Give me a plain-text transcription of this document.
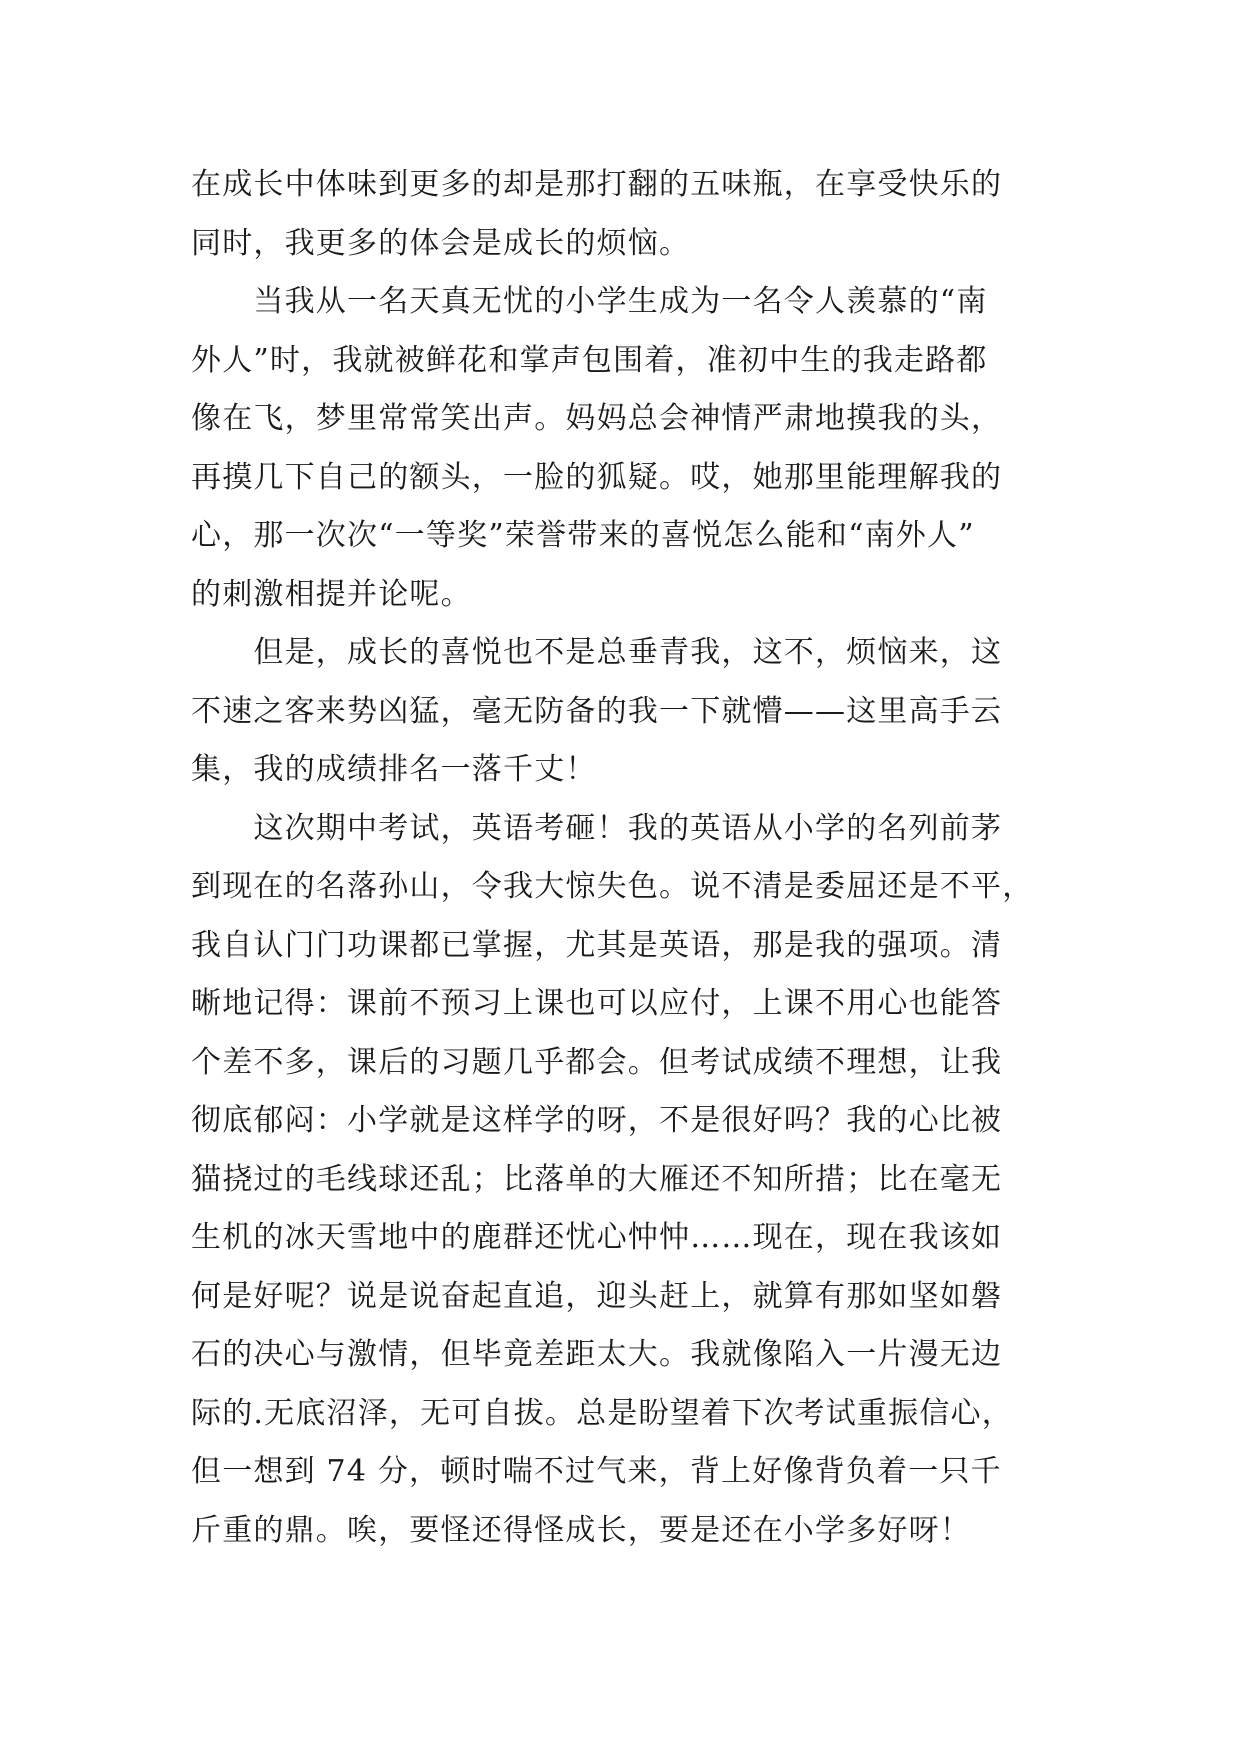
在成长中体味到更多的却是那打翻的五味瓶，在享受快乐的
同时，我更多的体会是成长的烦恼。
　　当我从一名天真无忧的小学生成为一名令人羡慕的“南
外人”时，我就被鲜花和掌声包围着，准初中生的我走路都
像在飞，梦里常常笑出声。妈妈总会神情严肃地摸我的头，
再摸几下自己的额头，一脸的狐疑。哎，她那里能理解我的
心，那一次次“一等奖”荣誉带来的喜悦怎么能和“南外人”
的刺激相提并论呢。
　　但是，成长的喜悦也不是总垂青我，这不，烦恼来，这
不速之客来势凶猛，毫无防备的我一下就懵——这里高手云
集，我的成绩排名一落千丈！
　　这次期中考试，英语考砸！我的英语从小学的名列前茅
到现在的名落孙山，令我大惊失色。说不清是委屈还是不平，
我自认门门功课都已掌握，尤其是英语，那是我的强项。清
晰地记得：课前不预习上课也可以应付，上课不用心也能答
个差不多，课后的习题几乎都会。但考试成绩不理想，让我
彻底郁闷：小学就是这样学的呀，不是很好吗？我的心比被
猫挠过的毛线球还乱；比落单的大雁还不知所措；比在毫无
生机的冰天雪地中的鹿群还忧心忡忡……现在，现在我该如
何是好呢？说是说奋起直追，迎头赶上，就算有那如坚如磐
石的决心与激情，但毕竟差距太大。我就像陷入一片漫无边
际的.无底沼泽，无可自拔。总是盼望着下次考试重振信心，
但一想到 74 分，顿时喘不过气来，背上好像背负着一只千
斤重的鼎。唉，要怪还得怪成长，要是还在小学多好呀！
